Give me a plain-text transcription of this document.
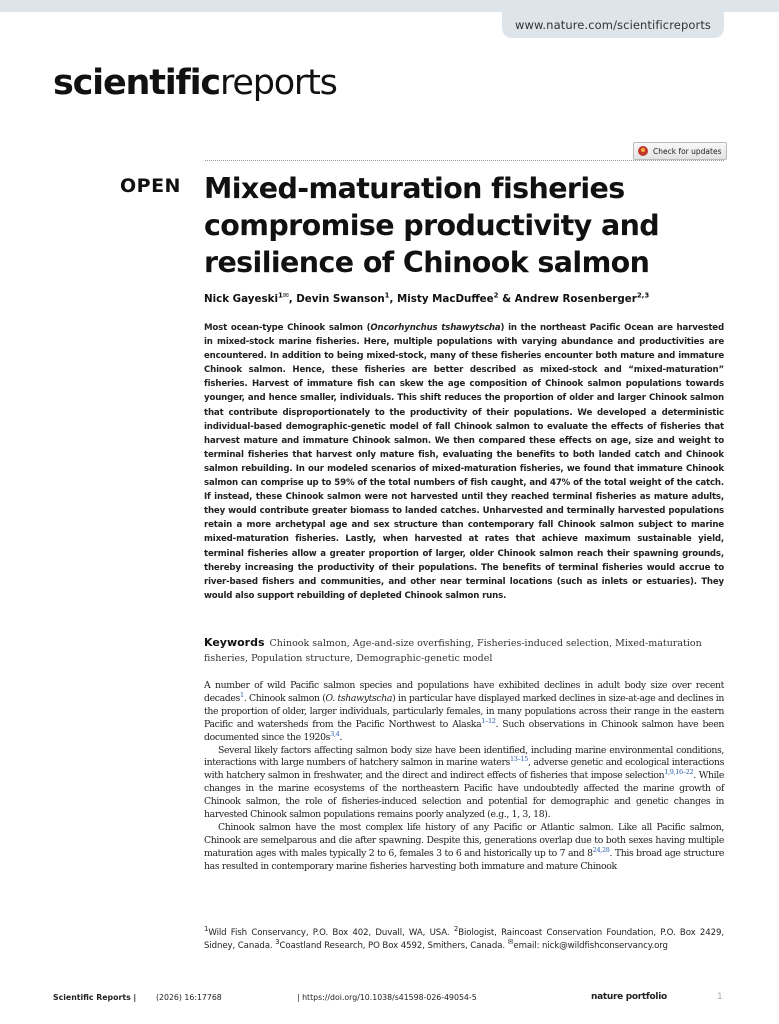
www.nature.com/scientificreports
scientificreports
Check for updates
OPEN Mixed-maturation fisheries compromise productivity and resilience of Chinook salmon
Nick Gayeski$^{1✉}$, Devin Swanson$^1$, Misty MacDuffee$^2$ & Andrew Rosenberger$^{2,3}$
Most ocean-type Chinook salmon (Oncorhynchus tshawytscha) in the northeast Pacific Ocean are harvested in mixed-stock marine fisheries. Here, multiple populations with varying abundance and productivities are encountered. In addition to being mixed-stock, many of these fisheries encounter both mature and immature Chinook salmon. Hence, these fisheries are better described as mixed-stock and “mixed-maturation” fisheries. Harvest of immature fish can skew the age composition of Chinook salmon populations towards younger, and hence smaller, individuals. This shift reduces the proportion of older and larger Chinook salmon that contribute disproportionately to the productivity of their populations. We developed a deterministic individual-based demographic-genetic model of fall Chinook salmon to evaluate the effects of fisheries that harvest mature and immature Chinook salmon. We then compared these effects on age, size and weight to terminal fisheries that harvest only mature fish, evaluating the benefits to both landed catch and Chinook salmon rebuilding. In our modeled scenarios of mixed-maturation fisheries, we found that immature Chinook salmon can comprise up to 59% of the total numbers of fish caught, and 47% of the total weight of the catch. If instead, these Chinook salmon were not harvested until they reached terminal fisheries as mature adults, they would contribute greater biomass to landed catches. Unharvested and terminally harvested populations retain a more archetypal age and sex structure than contemporary fall Chinook salmon subject to marine mixed-maturation fisheries. Lastly, when harvested at rates that achieve maximum sustainable yield, terminal fisheries allow a greater proportion of larger, older Chinook salmon reach their spawning grounds, thereby increasing the productivity of their populations. The benefits of terminal fisheries would accrue to river-based fishers and communities, and other near terminal locations (such as inlets or estuaries). They would also support rebuilding of depleted Chinook salmon runs.
Keywords Chinook salmon, Age-and-size overfishing, Fisheries-induced selection, Mixed-maturation fisheries, Population structure, Demographic-genetic model

A number of wild Pacific salmon species and populations have exhibited declines in adult body size over recent decades$^1$. Chinook salmon (O. tshawytscha) in particular have displayed marked declines in size-at-age and declines in the proportion of older, larger individuals, particularly females, in many populations across their range in the eastern Pacific and watersheds from the Pacific Northwest to Alaska$^{1-12}$. Such observations in Chinook salmon have been documented since the 1920s$^{3,4}$.

Several likely factors affecting salmon body size have been identified, including marine environmental conditions, interactions with large numbers of hatchery salmon in marine waters$^{13-15}$, adverse genetic and ecological interactions with hatchery salmon in freshwater, and the direct and indirect effects of fisheries that impose selection$^{1,9,16-22}$. While changes in the marine ecosystems of the northeastern Pacific have undoubtedly affected the marine growth of Chinook salmon, the role of fisheries-induced selection and potential for demographic and genetic changes in harvested Chinook salmon populations remains poorly analyzed (e.g., 1, 3, 18).

Chinook salmon have the most complex life history of any Pacific or Atlantic salmon. Like all Pacific salmon, Chinook are semelparous and die after spawning. Despite this, generations overlap due to both sexes having multiple maturation ages with males typically 2 to 6, females 3 to 6 and historically up to 7 and 8$^{24,28}$. This broad age structure has resulted in contemporary marine fisheries harvesting both immature and mature Chinook

$^1$Wild Fish Conservancy, P.O. Box 402, Duvall, WA, USA. $^2$Biologist, Raincoast Conservation Foundation, P.O. Box 2429, Sidney, Canada. $^3$Coastland Research, PO Box 4592, Smithers, Canada. ✉email: nick@wildfishconservancy.org
Scientific Reports |	(2026) 16:17768	| https://doi.org/10.1038/s41598-026-49054-5	nature portfolio	1
